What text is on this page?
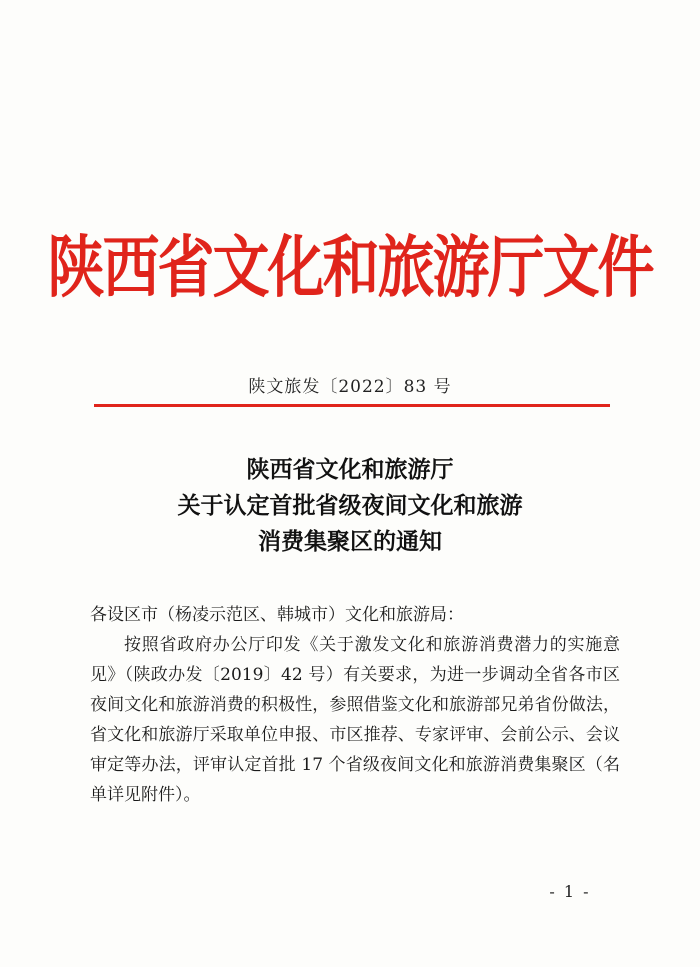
陕西省文化和旅游厅文件
陕文旅发〔2022〕83 号
陕西省文化和旅游厅
关于认定首批省级夜间文化和旅游
消费集聚区的通知

各设区市（杨凌示范区、韩城市）文化和旅游局：

按照省政府办公厅印发《关于激发文化和旅游消费潜力的实施意见》（陕政办发〔2019〕42 号）有关要求，为进一步调动全省各市区夜间文化和旅游消费的积极性，参照借鉴文化和旅游部兄弟省份做法，省文化和旅游厅采取单位申报、市区推荐、专家评审、会前公示、会议审定等办法，评审认定首批 17 个省级夜间文化和旅游消费集聚区（名单详见附件）。

- 1 -
